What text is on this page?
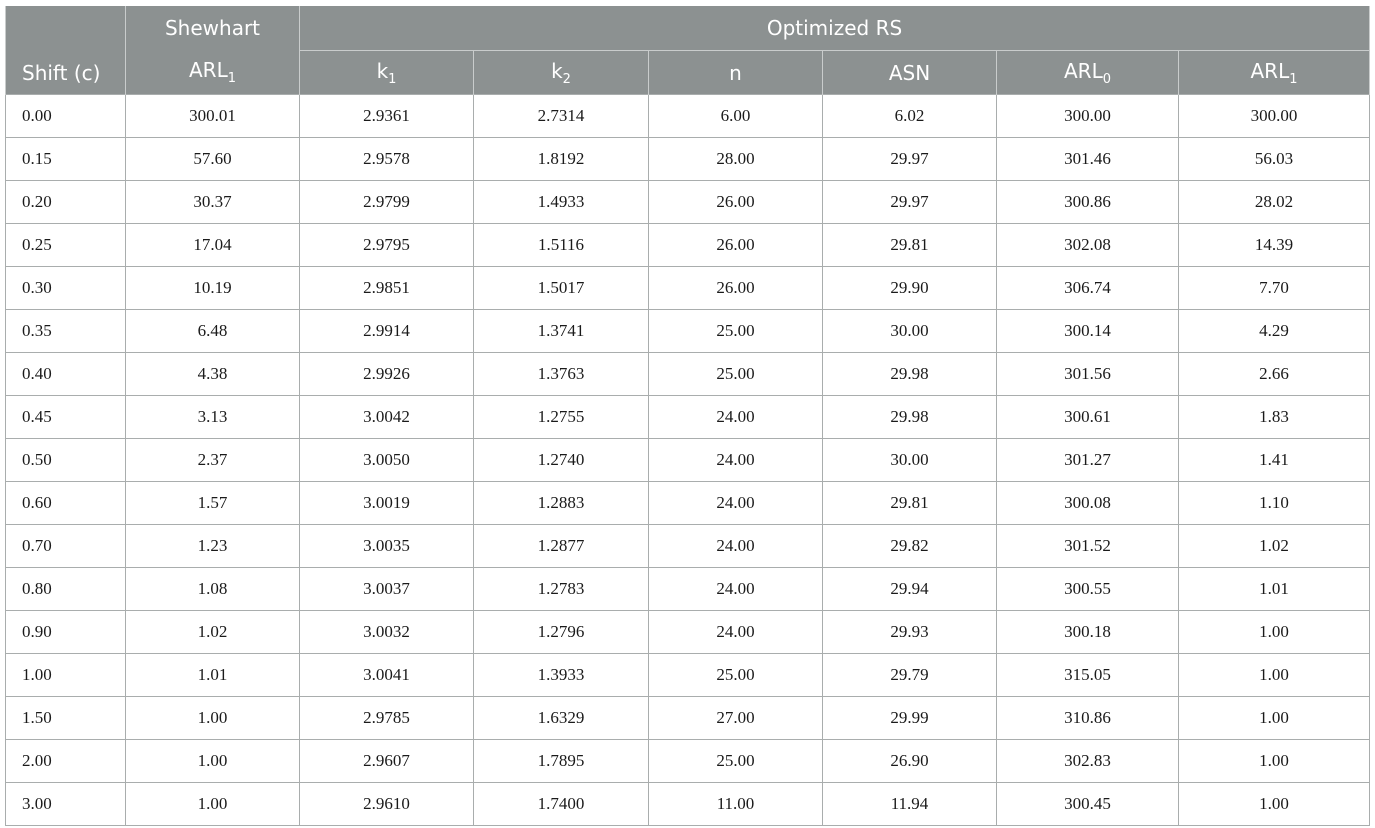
Shift (c)	Shewhart	Optimized RS					
	$ARL_1$	$k_1$	$k_2$	n	ASN	$ARL_0$	$ARL_1$
0.00	300.01	2.9361	2.7314	6.00	6.02	300.00	300.00
0.15	57.60	2.9578	1.8192	28.00	29.97	301.46	56.03
0.20	30.37	2.9799	1.4933	26.00	29.97	300.86	28.02
0.25	17.04	2.9795	1.5116	26.00	29.81	302.08	14.39
0.30	10.19	2.9851	1.5017	26.00	29.90	306.74	7.70
0.35	6.48	2.9914	1.3741	25.00	30.00	300.14	4.29
0.40	4.38	2.9926	1.3763	25.00	29.98	301.56	2.66
0.45	3.13	3.0042	1.2755	24.00	29.98	300.61	1.83
0.50	2.37	3.0050	1.2740	24.00	30.00	301.27	1.41
0.60	1.57	3.0019	1.2883	24.00	29.81	300.08	1.10
0.70	1.23	3.0035	1.2877	24.00	29.82	301.52	1.02
0.80	1.08	3.0037	1.2783	24.00	29.94	300.55	1.01
0.90	1.02	3.0032	1.2796	24.00	29.93	300.18	1.00
1.00	1.01	3.0041	1.3933	25.00	29.79	315.05	1.00
1.50	1.00	2.9785	1.6329	27.00	29.99	310.86	1.00
2.00	1.00	2.9607	1.7895	25.00	26.90	302.83	1.00
3.00	1.00	2.9610	1.7400	11.00	11.94	300.45	1.00
